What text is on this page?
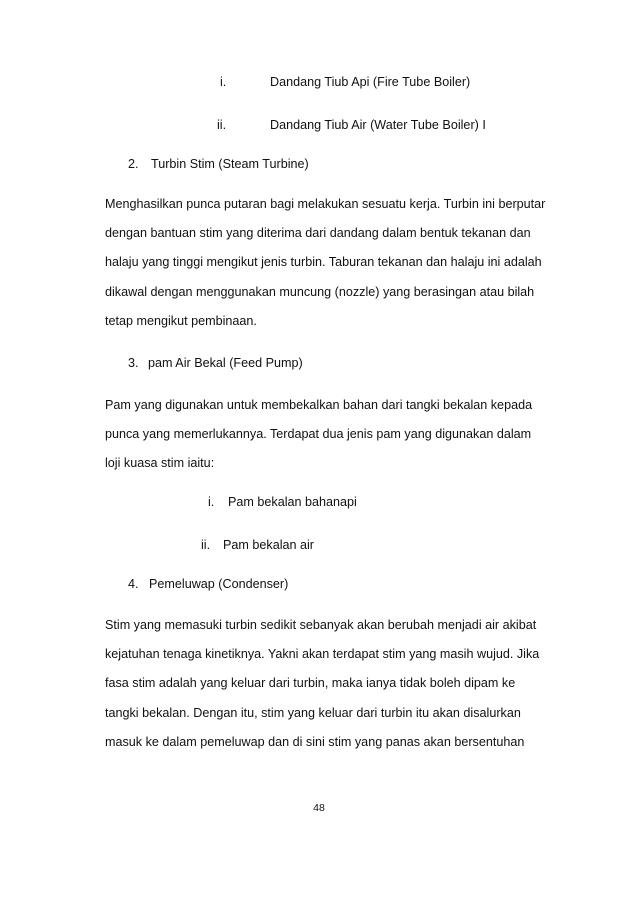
i.	Dandang Tiub Api (Fire Tube Boiler)
ii.	Dandang Tiub Air (Water Tube Boiler) I
2. Turbin Stim (Steam Turbine)
Menghasilkan punca putaran bagi melakukan sesuatu kerja. Turbin ini berputar
dengan bantuan stim yang diterima dari dandang dalam bentuk tekanan dan
halaju yang tinggi mengikut jenis turbin. Taburan tekanan dan halaju ini adalah
dikawal dengan menggunakan muncung (nozzle) yang berasingan atau bilah
tetap mengikut pembinaan.
3. pam Air Bekal (Feed Pump)
Pam yang digunakan untuk membekalkan bahan dari tangki bekalan kepada
punca yang memerlukannya. Terdapat dua jenis pam yang digunakan dalam
loji kuasa stim iaitu:
i. Pam bekalan bahanapi
ii. Pam bekalan air
4. Pemeluwap (Condenser)
Stim yang memasuki turbin sedikit sebanyak akan berubah menjadi air akibat
kejatuhan tenaga kinetiknya. Yakni akan terdapat stim yang masih wujud. Jika
fasa stim adalah yang keluar dari turbin, maka ianya tidak boleh dipam ke
tangki bekalan. Dengan itu, stim yang keluar dari turbin itu akan disalurkan
masuk ke dalam pemeluwap dan di sini stim yang panas akan bersentuhan
48
